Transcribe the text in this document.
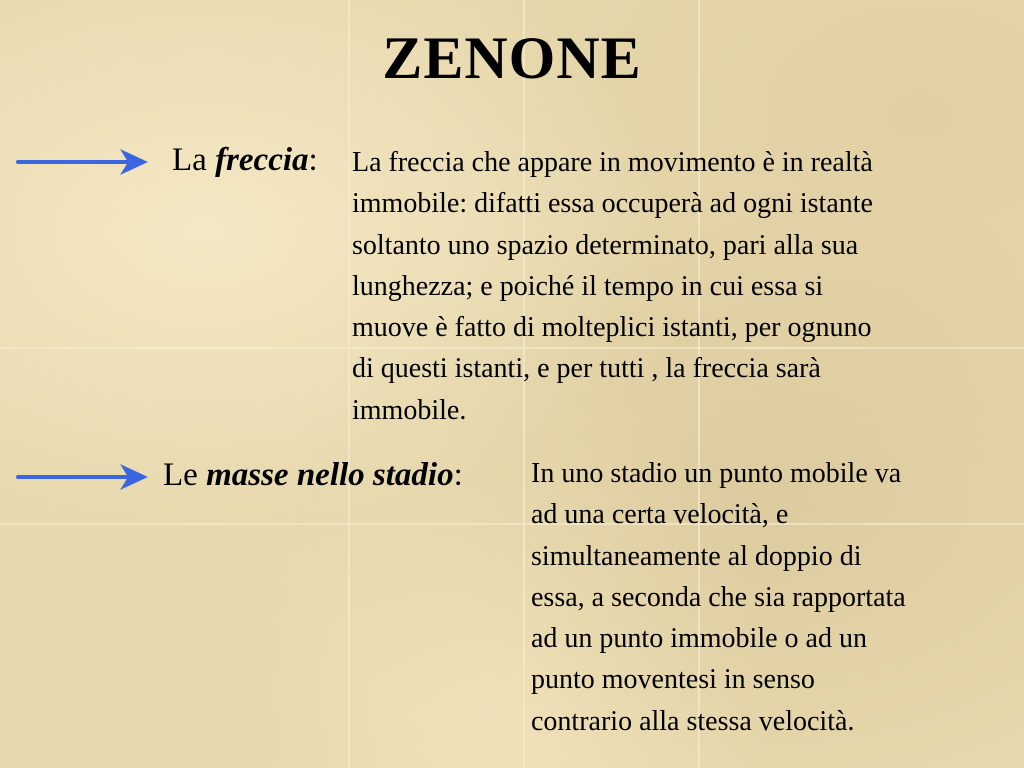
ZENONE
La freccia: La freccia che appare in movimento è in realtà
immobile: difatti essa occuperà ad ogni istante
soltanto uno spazio determinato, pari alla sua
lunghezza; e poiché il tempo in cui essa si
muove è fatto di molteplici istanti, per ognuno
di questi istanti, e per tutti , la freccia sarà
immobile.
Le masse nello stadio: In uno stadio un punto mobile va
ad una certa velocità, e
simultaneamente al doppio di
essa, a seconda che sia rapportata
ad un punto immobile o ad un
punto moventesi in senso
contrario alla stessa velocità.
